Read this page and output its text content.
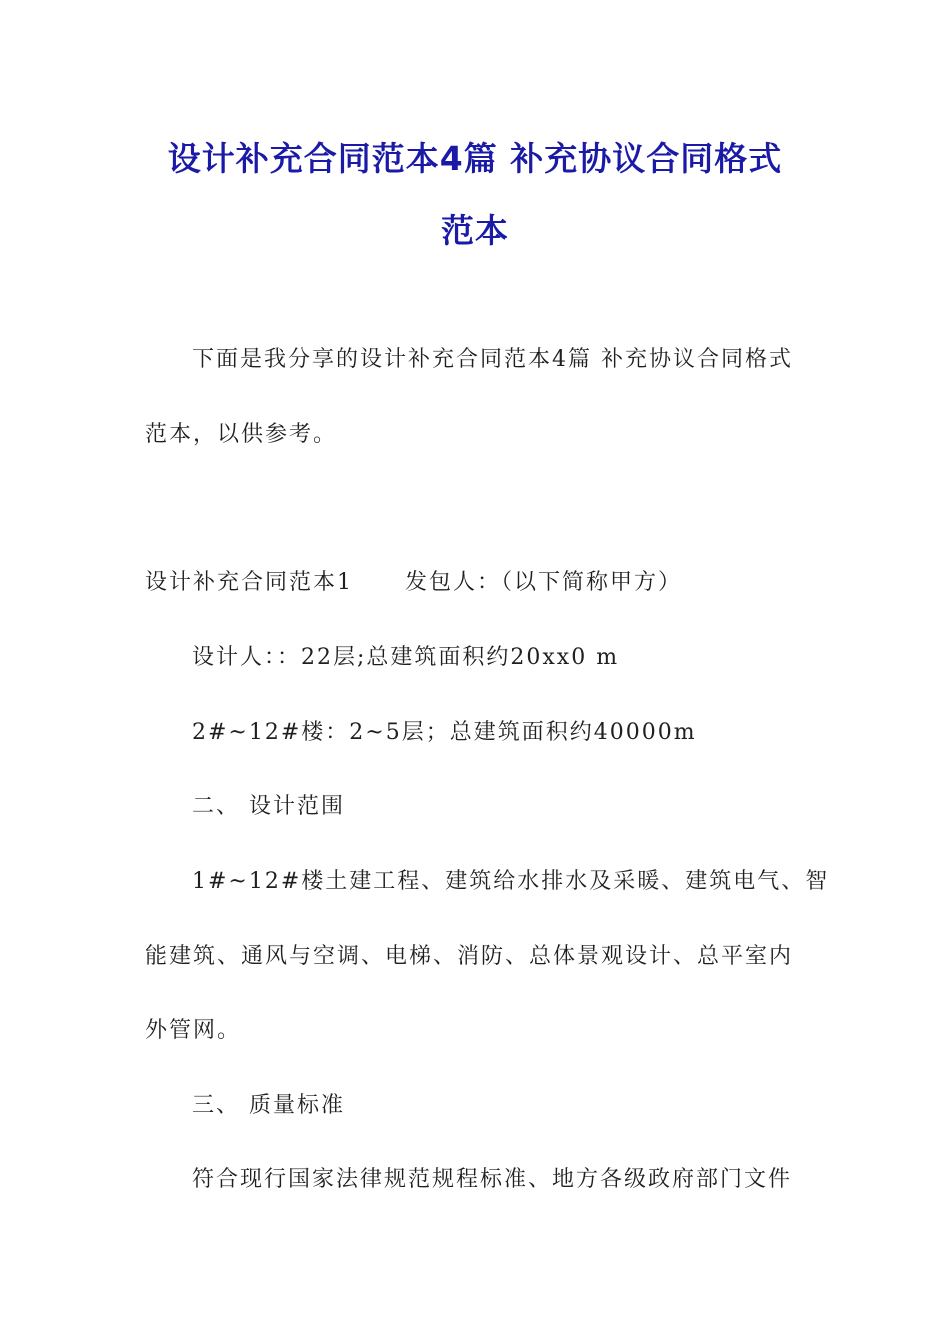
设计补充合同范本4篇 补充协议合同格式
范本
下面是我分享的设计补充合同范本4篇 补充协议合同格式
范本，以供参考。
设计补充合同范本1 发包人：（以下简称甲方）
设计人：：22层;总建筑面积约20xx0 m
2#~12#楼：2~5层；总建筑面积约40000m
二、 设计范围
1#~12#楼土建工程、建筑给水排水及采暖、建筑电气、智
能建筑、通风与空调、电梯、消防、总体景观设计、总平室内
外管网。
三、 质量标准
符合现行国家法律规范规程标准、地方各级政府部门文件
